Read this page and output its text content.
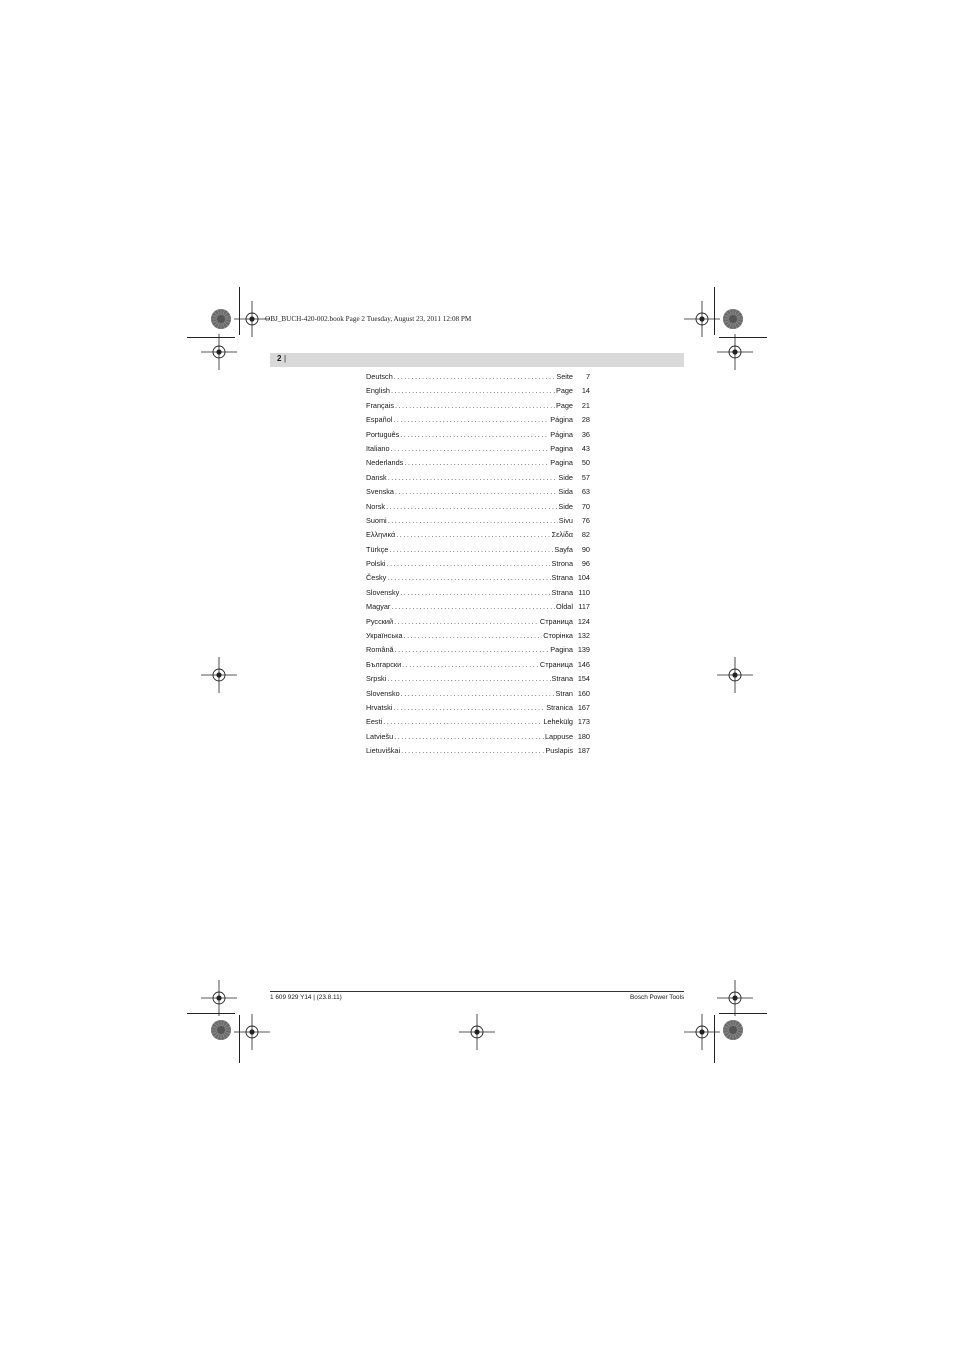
OBJ_BUCH-420-002.book Page 2 Tuesday, August 23, 2011 12:08 PM
2 |
Deutsch .....	Seite	7
English .....	Page	14
Français .....	Page	21
Español .....	Página	28
Português .....	Página	36
Italiano .....	Pagina	43
Nederlands .....	Pagina	50
Dansk .....	Side	57
Svenska .....	Sida	63
Norsk .....	Side	70
Suomi .....	Sivu	76
Ελληνικά .....	Σελίδα	82
Türkçe .....	Sayfa	90
Polski .....	Strona	96
Česky .....	Strana 104
Slovensky .....	Strana 110
Magyar .....	Oldal 117
Русский .....	Страница 124
Українська .....	Сторінка 132
Română .....	Pagina 139
Български .....	Страница 146
Srpski .....	Strana 154
Slovensko .....	Stran 160
Hrvatski .....	Stranica 167
Eesti .....	Lehekülg 173
Latviešu .....	Lappuse 180
Lietuviškai .....	Puslapis 187
1 609 929 Y14 | (23.8.11)	Bosch Power Tools
